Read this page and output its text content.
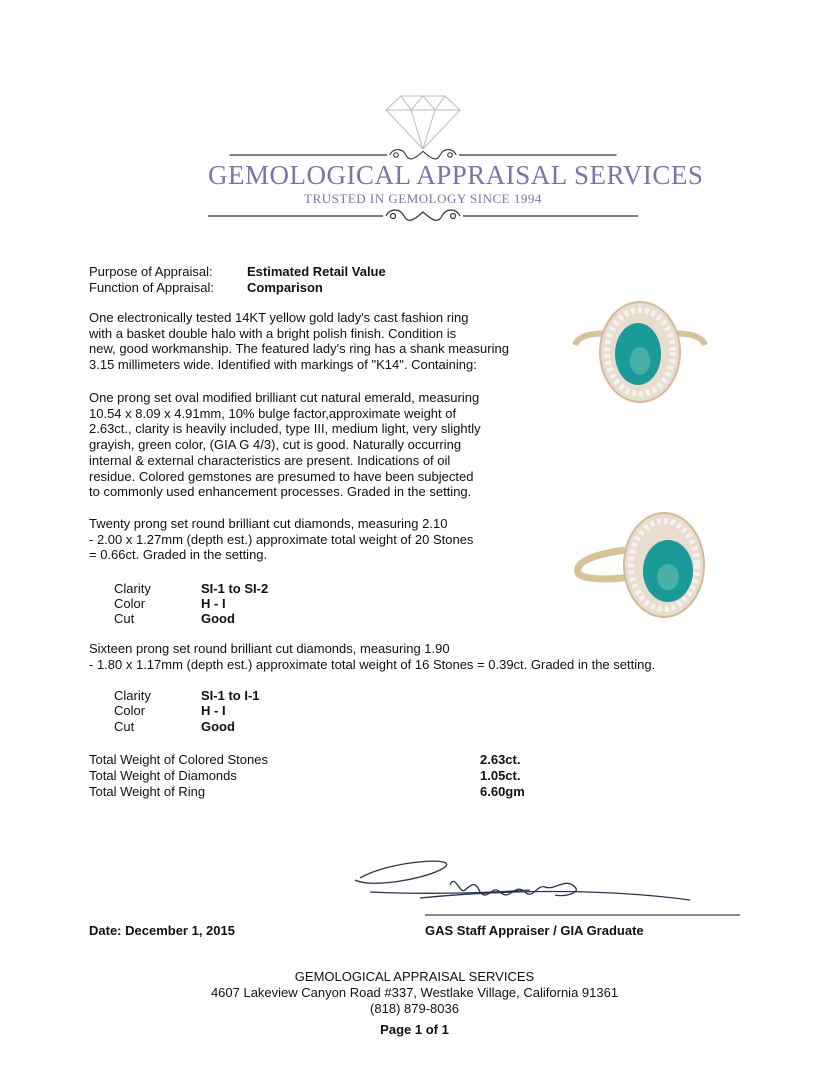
GEMOLOGICAL APPRAISAL SERVICES
TRUSTED IN GEMOLOGY SINCE 1994
Purpose of Appraisal:	Estimated Retail Value
Function of Appraisal:	Comparison
One electronically tested 14KT yellow gold lady's cast fashion ring
with a basket double halo with a bright polish finish. Condition is
new, good workmanship. The featured lady's ring has a shank measuring
3.15 millimeters wide. Identified with markings of "K14". Containing:
One prong set oval modified brilliant cut natural emerald, measuring
10.54 x 8.09 x 4.91mm, 10% bulge factor,approximate weight of
2.63ct., clarity is heavily included, type III, medium light, very slightly
grayish, green color, (GIA G 4/3), cut is good. Naturally occurring
internal & external characteristics are present. Indications of oil
residue. Colored gemstones are presumed to have been subjected
to commonly used enhancement processes. Graded in the setting.
Twenty prong set round brilliant cut diamonds, measuring 2.10
- 2.00 x 1.27mm (depth est.) approximate total weight of 20 Stones
= 0.66ct. Graded in the setting.
Clarity	SI-1 to SI-2
Color	H - I
Cut	Good
Sixteen prong set round brilliant cut diamonds, measuring 1.90
- 1.80 x 1.17mm (depth est.) approximate total weight of 16 Stones = 0.39ct. Graded in the setting.
Clarity	SI-1 to I-1
Color	H - I
Cut	Good
Total Weight of Colored Stones	2.63ct.
Total Weight of Diamonds	1.05ct.
Total Weight of Ring	6.60gm
Date: December 1, 2015	GAS Staff Appraiser / GIA Graduate
GEMOLOGICAL APPRAISAL SERVICES
4607 Lakeview Canyon Road #337, Westlake Village, California 91361
(818) 879-8036
Page 1 of 1
